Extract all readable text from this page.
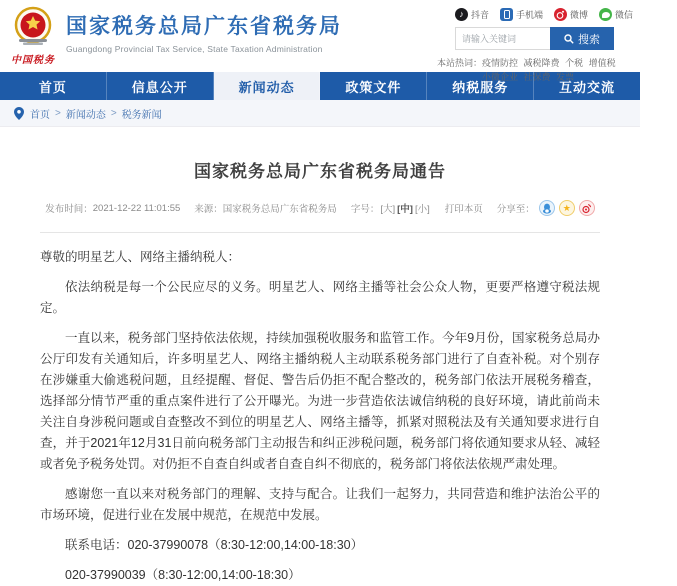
中国税务
国家税务总局广东省税务局
Guangdong Provincial Tax Service, State Taxation Administration
♪ 抖音	手机端	微博	微信
请输入关键词
搜索
本站热词： 疫情防控 减税降费 个税 增值税 小微企业 社保费 发票
首页	信息公开	新闻动态	政策文件	纳税服务	互动交流
首页 > 新闻动态 > 税务新闻
国家税务总局广东省税务局通告
发布时间： 2021-12-22 11:01:55 来源： 国家税务总局广东省税务局 字号： [大] [中] [小] 打印本页 分享至：	★

尊敬的明星艺人、网络主播纳税人：

依法纳税是每一个公民应尽的义务。明星艺人、网络主播等社会公众人物，更要严格遵守税法规定。

一直以来，税务部门坚持依法依规，持续加强税收服务和监管工作。今年9月份，国家税务总局办公厅印发有关通知后，许多明星艺人、网络主播纳税人主动联系税务部门进行了自查补税。对个别存在涉嫌重大偷逃税问题，且经提醒、督促、警告后仍拒不配合整改的，税务部门依法开展税务稽查，选择部分情节严重的重点案件进行了公开曝光。为进一步营造依法诚信纳税的良好环境，请此前尚未关注自身涉税问题或自查整改不到位的明星艺人、网络主播等，抓紧对照税法及有关通知要求进行自查，并于2021年12月31日前向税务部门主动报告和纠正涉税问题，税务部门将依通知要求从轻、减轻或者免予税务处罚。对仍拒不自查自纠或者自查自纠不彻底的，税务部门将依法依规严肃处理。

感谢您一直以来对税务部门的理解、支持与配合。让我们一起努力，共同营造和维护法治公平的市场环境，促进行业在发展中规范，在规范中发展。

联系电话：020-37990078（8:30-12:00,14:00-18:30）

020-37990039（8:30-12:00,14:00-18:30）
